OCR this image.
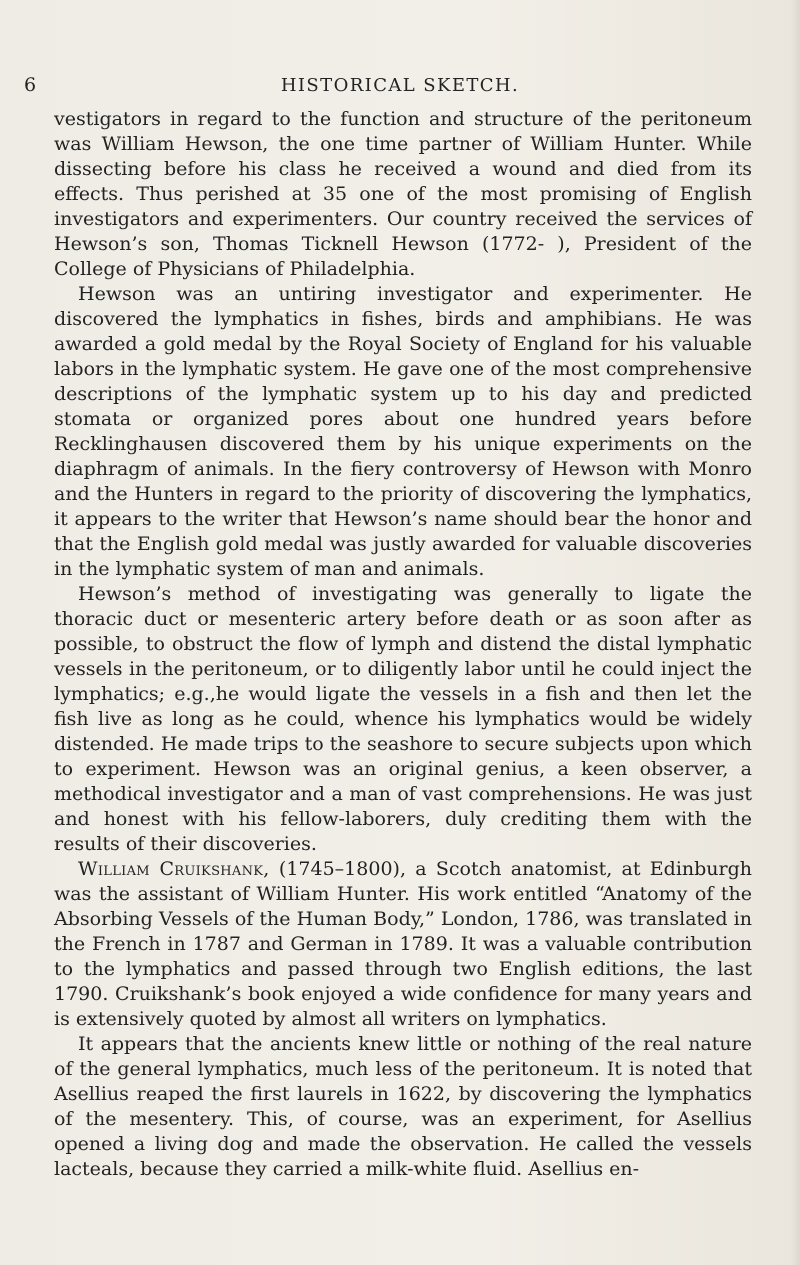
6	HISTORICAL SKETCH.

vestigators in regard to the function and structure of the peritoneum was William Hewson, the one time partner of William Hunter. While dissecting before his class he received a wound and died from its effects. Thus perished at 35 one of the most promising of English investigators and experimenters. Our country received the services of Hewson’s son, Thomas Ticknell Hewson (1772- ), President of the College of Physicians of Philadelphia.

Hewson was an untiring investigator and experimenter. He discovered the lymphatics in fishes, birds and amphibians. He was awarded a gold medal by the Royal Society of England for his valuable labors in the lymphatic system. He gave one of the most comprehensive descriptions of the lymphatic system up to his day and predicted stomata or organized pores about one hundred years before Recklinghausen discovered them by his unique experiments on the diaphragm of animals. In the fiery controversy of Hewson with Monro and the Hunters in regard to the priority of discovering the lymphatics, it appears to the writer that Hewson’s name should bear the honor and that the English gold medal was justly awarded for valuable discoveries in the lymphatic system of man and animals.

Hewson’s method of investigating was generally to ligate the thoracic duct or mesenteric artery before death or as soon after as possible, to obstruct the flow of lymph and distend the distal lymphatic vessels in the peritoneum, or to diligently labor until he could inject the lymphatics; e.g.,he would ligate the vessels in a fish and then let the fish live as long as he could, whence his lymphatics would be widely distended. He made trips to the seashore to secure subjects upon which to experiment. Hewson was an original genius, a keen observer, a methodical investigator and a man of vast comprehensions. He was just and honest with his fellow-laborers, duly crediting them with the results of their discoveries.

William Cruikshank, (1745–1800), a Scotch anatomist, at Edinburgh was the assistant of William Hunter. His work entitled “Anatomy of the Absorbing Vessels of the Human Body,” London, 1786, was translated in the French in 1787 and German in 1789. It was a valuable contribution to the lymphatics and passed through two English editions, the last 1790. Cruikshank’s book enjoyed a wide confidence for many years and is extensively quoted by almost all writers on lymphatics.

It appears that the ancients knew little or nothing of the real nature of the general lymphatics, much less of the peritoneum. It is noted that Asellius reaped the first laurels in 1622, by discovering the lymphatics of the mesentery. This, of course, was an experiment, for Asellius opened a living dog and made the observation. He called the vessels lacteals, because they carried a milk-white fluid. Asellius en-
